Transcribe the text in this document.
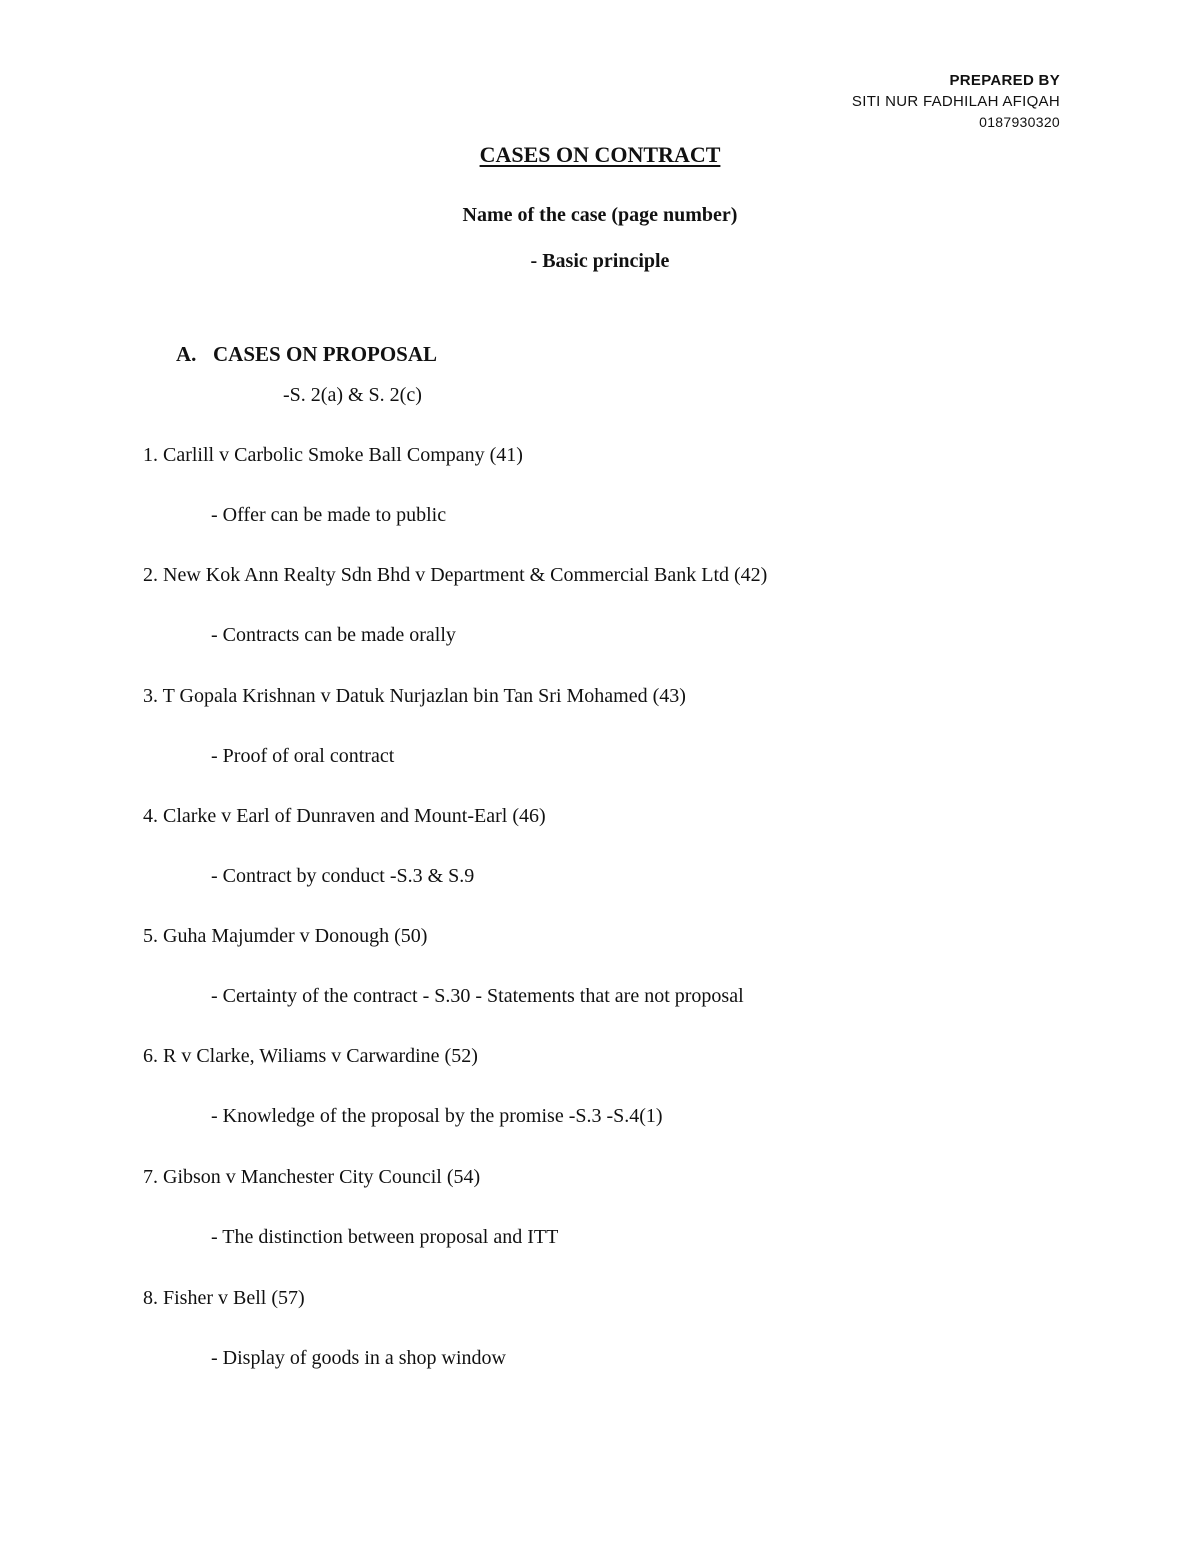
PREPARED BY
SITI NUR FADHILAH AFIQAH
0187930320
CASES ON CONTRACT
Name of the case (page number)
- Basic principle
A. CASES ON PROPOSAL
-S. 2(a) & S. 2(c)
1. Carlill v Carbolic Smoke Ball Company (41)
- Offer can be made to public
2. New Kok Ann Realty Sdn Bhd v Department & Commercial Bank Ltd (42)
- Contracts can be made orally
3. T Gopala Krishnan v Datuk Nurjazlan bin Tan Sri Mohamed (43)
- Proof of oral contract
4. Clarke v Earl of Dunraven and Mount-Earl (46)
- Contract by conduct -S.3 & S.9
5. Guha Majumder v Donough (50)
- Certainty of the contract - S.30 - Statements that are not proposal
6. R v Clarke, Wiliams v Carwardine (52)
- Knowledge of the proposal by the promise -S.3 -S.4(1)
7. Gibson v Manchester City Council (54)
- The distinction between proposal and ITT
8. Fisher v Bell (57)
- Display of goods in a shop window
